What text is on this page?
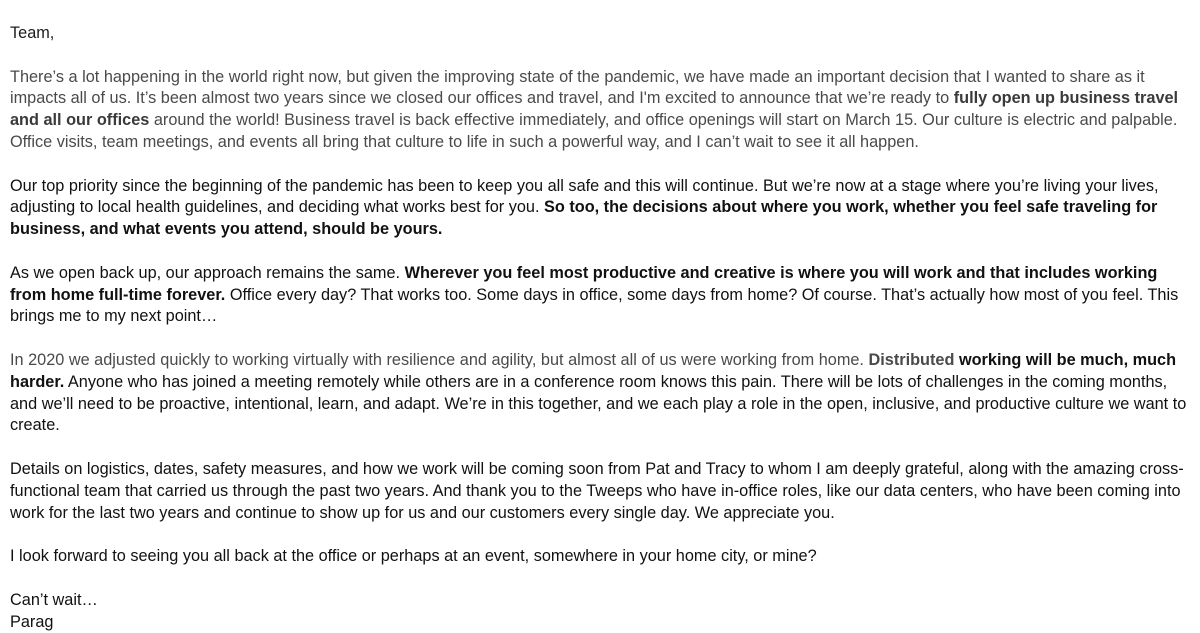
Team,

There’s a lot happening in the world right now, but given the improving state of the pandemic, we have made an important decision that I wanted to share as it impacts all of us. It’s been almost two years since we closed our offices and travel, and I'm excited to announce that we’re ready to fully open up business travel and all our offices around the world! Business travel is back effective immediately, and office openings will start on March 15. Our culture is electric and palpable. Office visits, team meetings, and events all bring that culture to life in such a powerful way, and I can’t wait to see it all happen.

Our top priority since the beginning of the pandemic has been to keep you all safe and this will continue. But we’re now at a stage where you’re living your lives, adjusting to local health guidelines, and deciding what works best for you. So too, the decisions about where you work, whether you feel safe traveling for business, and what events you attend, should be yours.

As we open back up, our approach remains the same. Wherever you feel most productive and creative is where you will work and that includes working from home full-time forever. Office every day? That works too. Some days in office, some days from home? Of course. That’s actually how most of you feel. This brings me to my next point…

In 2020 we adjusted quickly to working virtually with resilience and agility, but almost all of us were working from home. Distributed working will be much, much harder. Anyone who has joined a meeting remotely while others are in a conference room knows this pain. There will be lots of challenges in the coming months, and we’ll need to be proactive, intentional, learn, and adapt. We’re in this together, and we each play a role in the open, inclusive, and productive culture we want to create.

Details on logistics, dates, safety measures, and how we work will be coming soon from Pat and Tracy to whom I am deeply grateful, along with the amazing cross-functional team that carried us through the past two years. And thank you to the Tweeps who have in-office roles, like our data centers, who have been coming into work for the last two years and continue to show up for us and our customers every single day. We appreciate you.

I look forward to seeing you all back at the office or perhaps at an event, somewhere in your home city, or mine?

Can’t wait…
Parag
